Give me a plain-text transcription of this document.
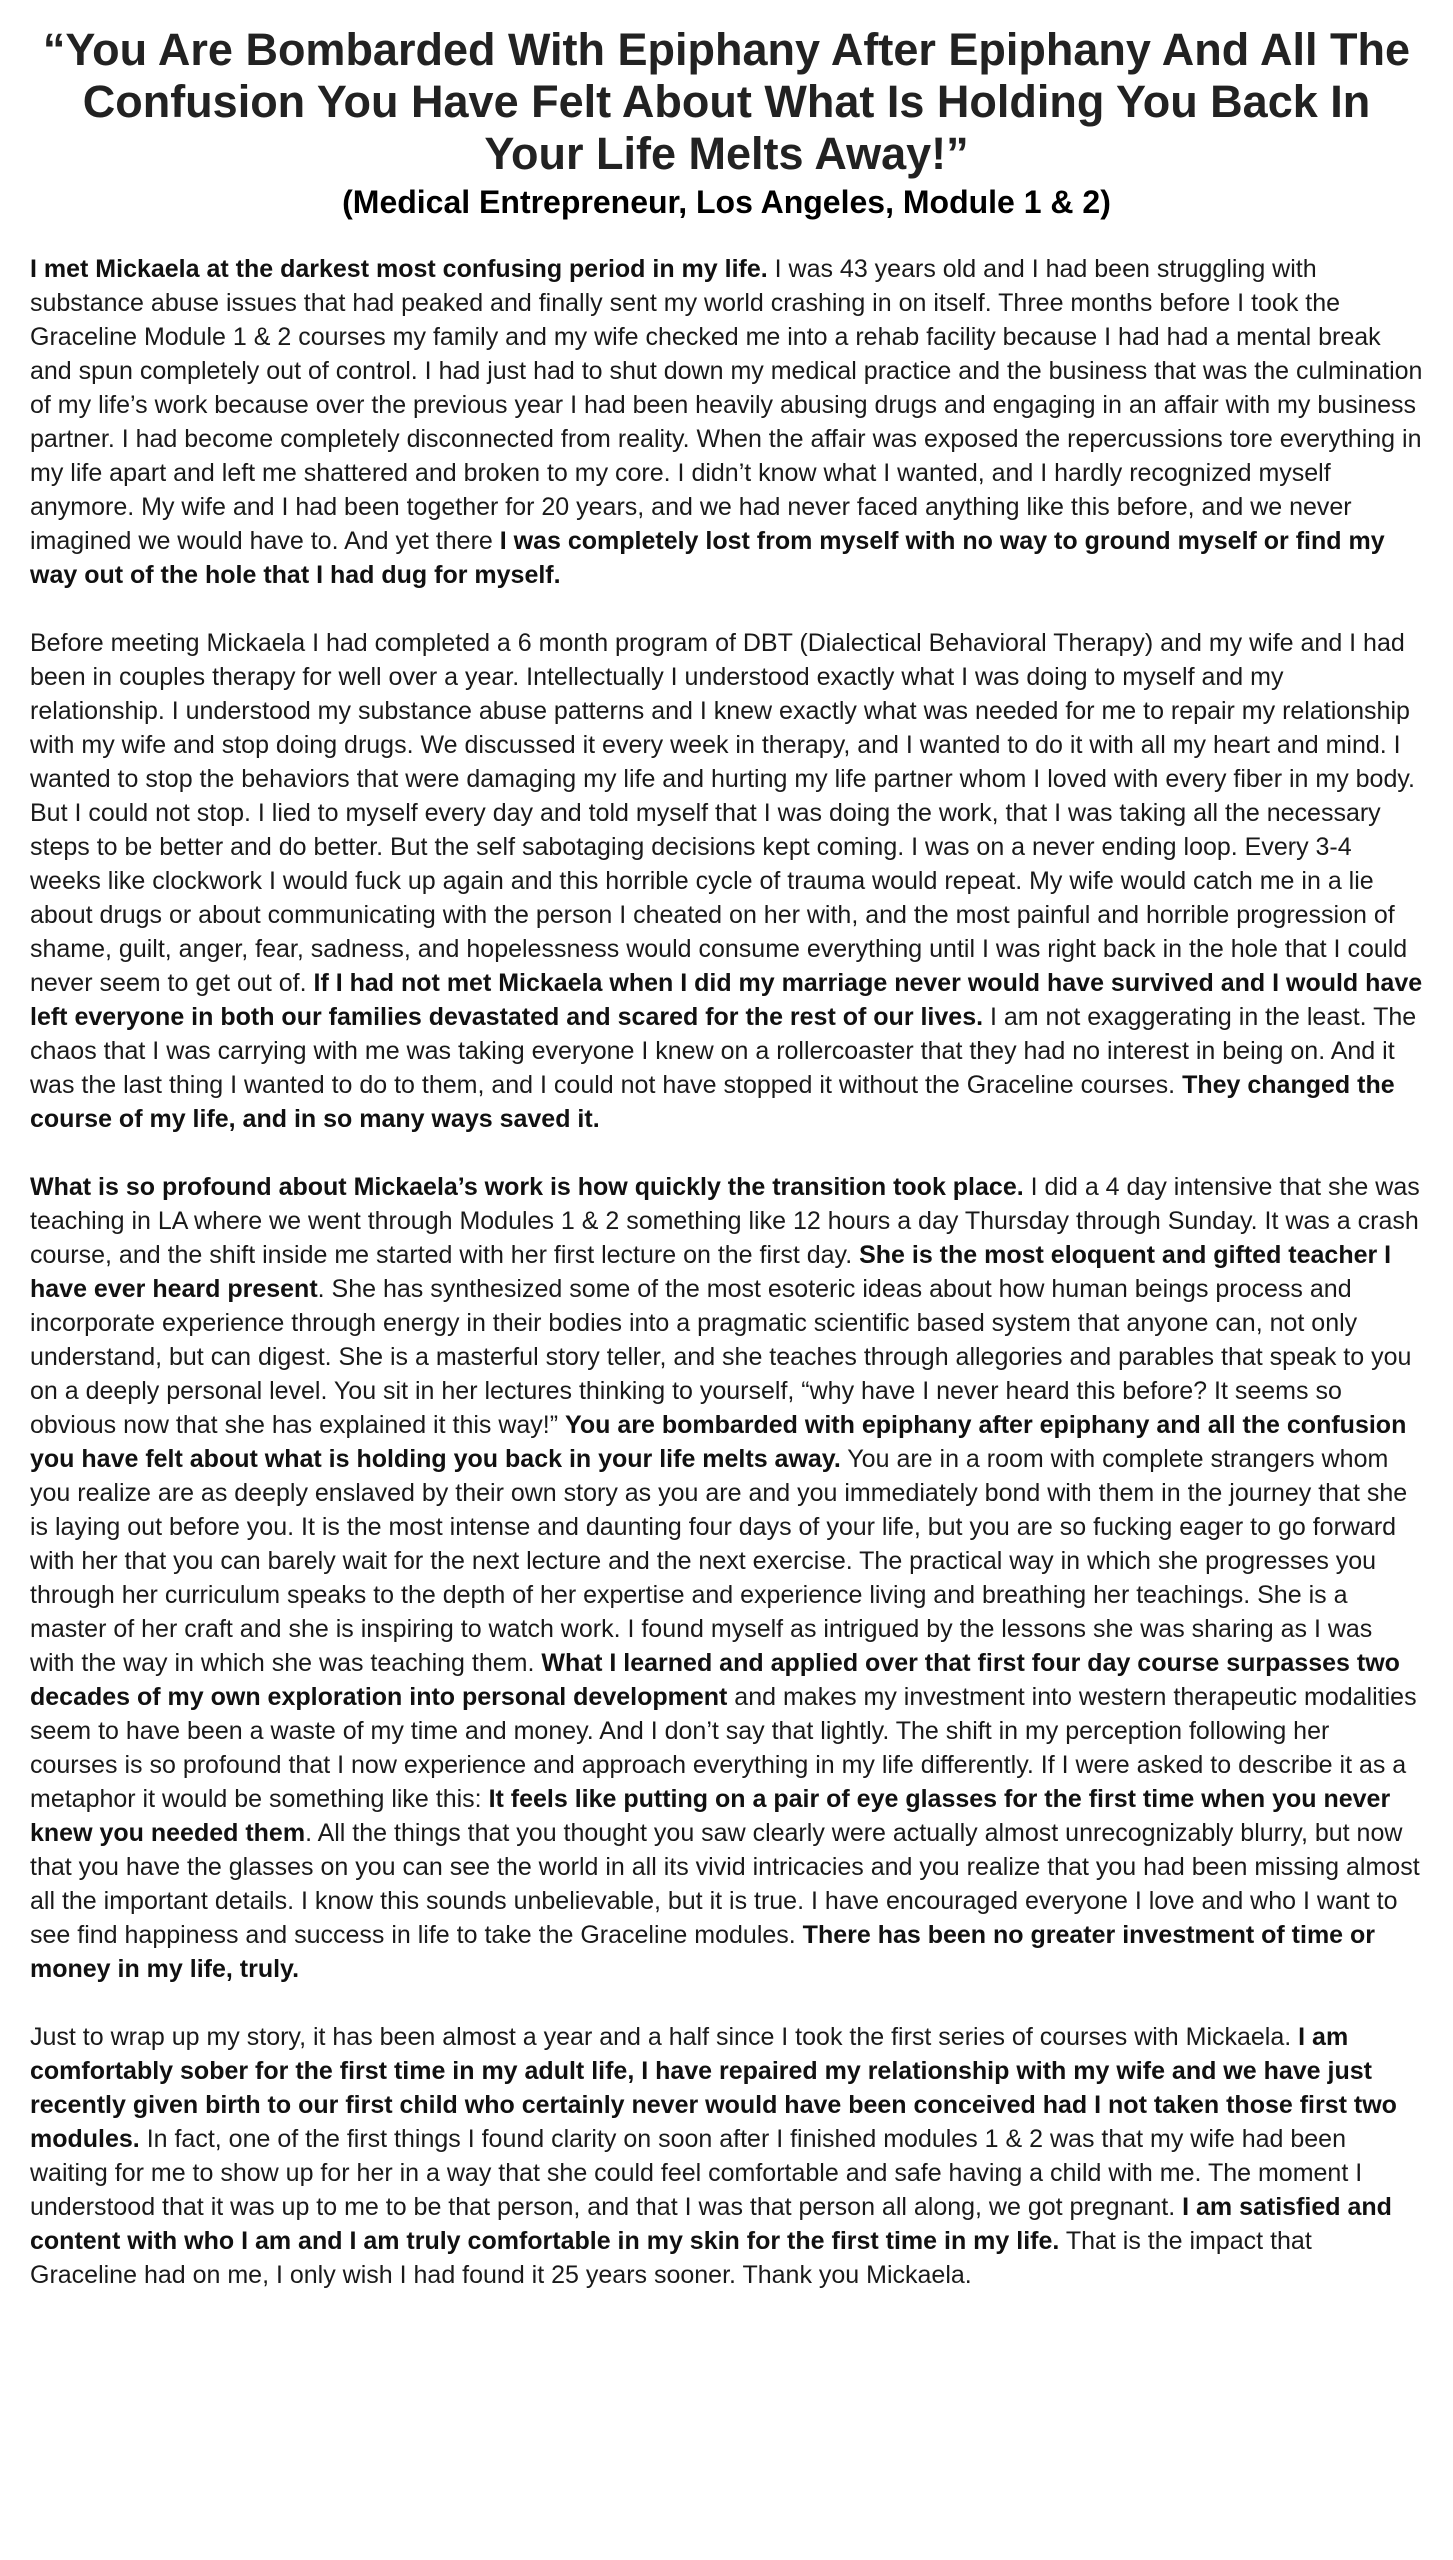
“You Are Bombarded With Epiphany After Epiphany And All The Confusion You Have Felt About What Is Holding You Back In Your Life Melts Away!”
(Medical Entrepreneur, Los Angeles, Module 1 & 2)

I met Mickaela at the darkest most confusing period in my life. I was 43 years old and I had been struggling with substance abuse issues that had peaked and finally sent my world crashing in on itself. Three months before I took the Graceline Module 1 & 2 courses my family and my wife checked me into a rehab facility because I had had a mental break and spun completely out of control. I had just had to shut down my medical practice and the business that was the culmination of my life’s work because over the previous year I had been heavily abusing drugs and engaging in an affair with my business partner. I had become completely disconnected from reality. When the affair was exposed the repercussions tore everything in my life apart and left me shattered and broken to my core. I didn’t know what I wanted, and I hardly recognized myself anymore. My wife and I had been together for 20 years, and we had never faced anything like this before, and we never imagined we would have to. And yet there I was completely lost from myself with no way to ground myself or find my way out of the hole that I had dug for myself.

Before meeting Mickaela I had completed a 6 month program of DBT (Dialectical Behavioral Therapy) and my wife and I had been in couples therapy for well over a year. Intellectually I understood exactly what I was doing to myself and my relationship. I understood my substance abuse patterns and I knew exactly what was needed for me to repair my relationship with my wife and stop doing drugs. We discussed it every week in therapy, and I wanted to do it with all my heart and mind. I wanted to stop the behaviors that were damaging my life and hurting my life partner whom I loved with every fiber in my body. But I could not stop. I lied to myself every day and told myself that I was doing the work, that I was taking all the necessary steps to be better and do better. But the self sabotaging decisions kept coming. I was on a never ending loop. Every 3-4 weeks like clockwork I would fuck up again and this horrible cycle of trauma would repeat. My wife would catch me in a lie about drugs or about communicating with the person I cheated on her with, and the most painful and horrible progression of shame, guilt, anger, fear, sadness, and hopelessness would consume everything until I was right back in the hole that I could never seem to get out of. If I had not met Mickaela when I did my marriage never would have survived and I would have left everyone in both our families devastated and scared for the rest of our lives. I am not exaggerating in the least. The chaos that I was carrying with me was taking everyone I knew on a rollercoaster that they had no interest in being on. And it was the last thing I wanted to do to them, and I could not have stopped it without the Graceline courses. They changed the course of my life, and in so many ways saved it.

What is so profound about Mickaela’s work is how quickly the transition took place. I did a 4 day intensive that she was teaching in LA where we went through Modules 1 & 2 something like 12 hours a day Thursday through Sunday. It was a crash course, and the shift inside me started with her first lecture on the first day. She is the most eloquent and gifted teacher I have ever heard present. She has synthesized some of the most esoteric ideas about how human beings process and incorporate experience through energy in their bodies into a pragmatic scientific based system that anyone can, not only understand, but can digest. She is a masterful story teller, and she teaches through allegories and parables that speak to you on a deeply personal level. You sit in her lectures thinking to yourself, “why have I never heard this before? It seems so obvious now that she has explained it this way!” You are bombarded with epiphany after epiphany and all the confusion you have felt about what is holding you back in your life melts away. You are in a room with complete strangers whom you realize are as deeply enslaved by their own story as you are and you immediately bond with them in the journey that she is laying out before you. It is the most intense and daunting four days of your life, but you are so fucking eager to go forward with her that you can barely wait for the next lecture and the next exercise. The practical way in which she progresses you through her curriculum speaks to the depth of her expertise and experience living and breathing her teachings. She is a master of her craft and she is inspiring to watch work. I found myself as intrigued by the lessons she was sharing as I was with the way in which she was teaching them. What I learned and applied over that first four day course surpasses two decades of my own exploration into personal development and makes my investment into western therapeutic modalities seem to have been a waste of my time and money. And I don’t say that lightly. The shift in my perception following her courses is so profound that I now experience and approach everything in my life differently. If I were asked to describe it as a metaphor it would be something like this: It feels like putting on a pair of eye glasses for the first time when you never knew you needed them. All the things that you thought you saw clearly were actually almost unrecognizably blurry, but now that you have the glasses on you can see the world in all its vivid intricacies and you realize that you had been missing almost all the important details. I know this sounds unbelievable, but it is true. I have encouraged everyone I love and who I want to see find happiness and success in life to take the Graceline modules. There has been no greater investment of time or money in my life, truly.

Just to wrap up my story, it has been almost a year and a half since I took the first series of courses with Mickaela. I am comfortably sober for the first time in my adult life, I have repaired my relationship with my wife and we have just recently given birth to our first child who certainly never would have been conceived had I not taken those first two modules. In fact, one of the first things I found clarity on soon after I finished modules 1 & 2 was that my wife had been waiting for me to show up for her in a way that she could feel comfortable and safe having a child with me. The moment I understood that it was up to me to be that person, and that I was that person all along, we got pregnant. I am satisfied and content with who I am and I am truly comfortable in my skin for the first time in my life. That is the impact that Graceline had on me, I only wish I had found it 25 years sooner. Thank you Mickaela.
